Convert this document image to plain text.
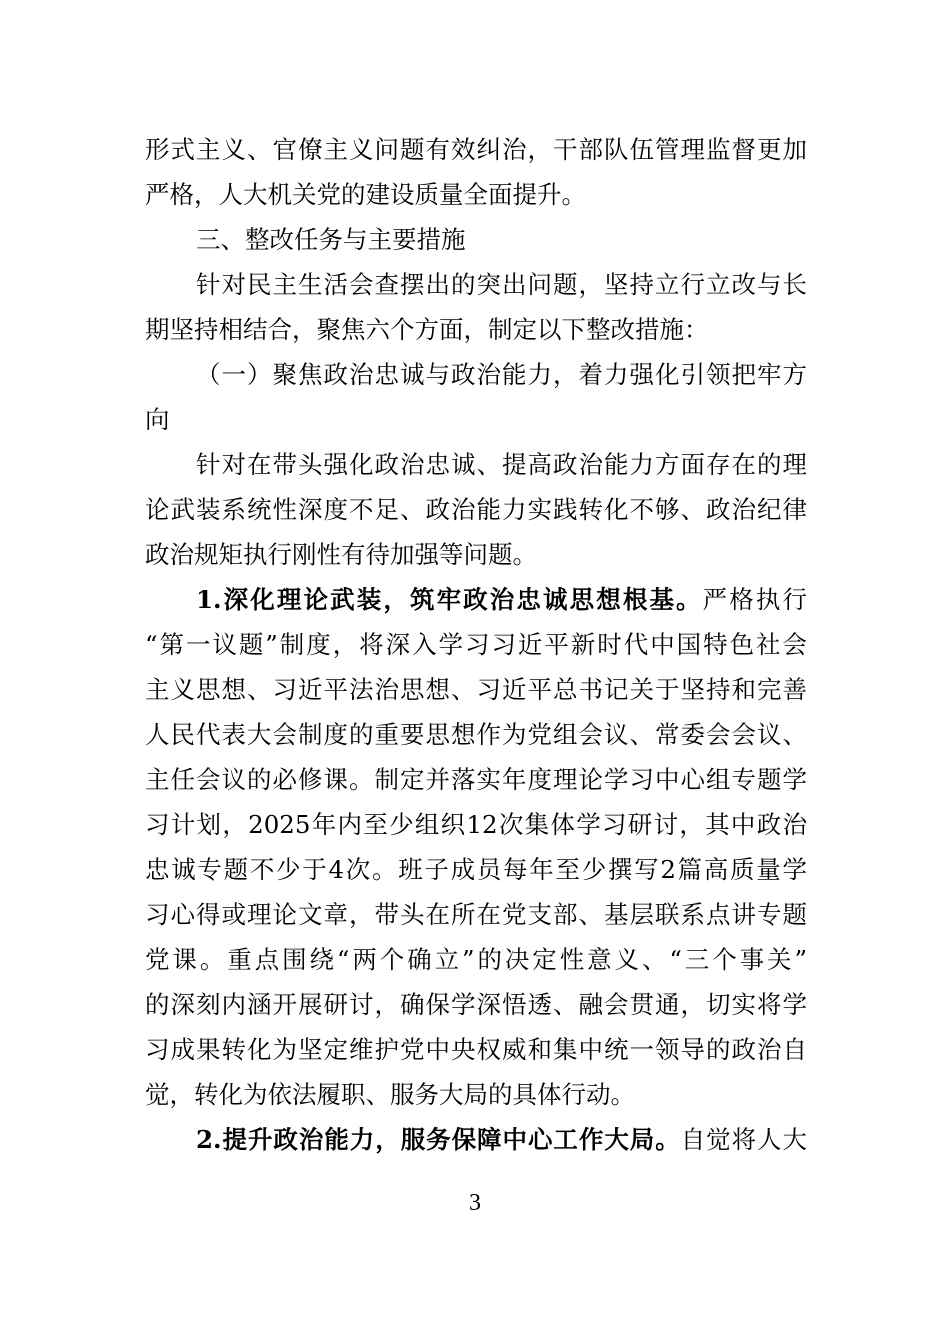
形式主义、官僚主义问题有效纠治，干部队伍管理监督更加
严格，人大机关党的建设质量全面提升。
三、整改任务与主要措施
针对民主生活会查摆出的突出问题，坚持立行立改与长
期坚持相结合，聚焦六个方面，制定以下整改措施：
（一）聚焦政治忠诚与政治能力，着力强化引领把牢方
向
针对在带头强化政治忠诚、提高政治能力方面存在的理
论武装系统性深度不足、政治能力实践转化不够、政治纪律
政治规矩执行刚性有待加强等问题。
1.深化理论武装，筑牢政治忠诚思想根基。严格执行
“第一议题”制度，将深入学习习近平新时代中国特色社会
主义思想、习近平法治思想、习近平总书记关于坚持和完善
人民代表大会制度的重要思想作为党组会议、常委会会议、
主任会议的必修课。制定并落实年度理论学习中心组专题学
习计划，2025年内至少组织12次集体学习研讨，其中政治
忠诚专题不少于4次。班子成员每年至少撰写2篇高质量学
习心得或理论文章，带头在所在党支部、基层联系点讲专题
党课。重点围绕“两个确立”的决定性意义、“三个事关”
的深刻内涵开展研讨，确保学深悟透、融会贯通，切实将学
习成果转化为坚定维护党中央权威和集中统一领导的政治自
觉，转化为依法履职、服务大局的具体行动。
2.提升政治能力，服务保障中心工作大局。自觉将人大
3
